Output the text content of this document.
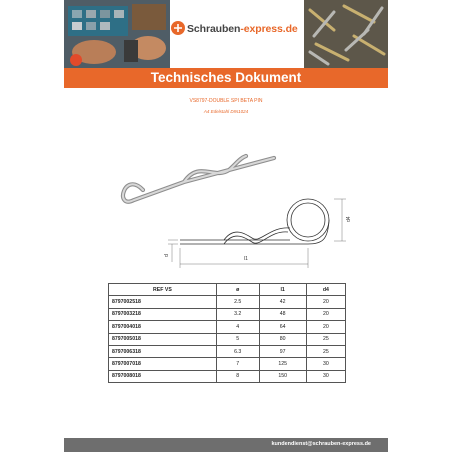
Schrauben-express.de
Technisches Dokument
VS8797-DOUBLE SPI BETA PIN
A4 Edelstahl DIN1024
d4
d
l1
REF VS	ø	l1	d4
8797002518	2.5	42	20
8797003218	3.2	48	20
8797004018	4	64	20
8797005018	5	80	25
8797006318	6.3	97	25
8797007018	7	125	30
8797008018	8	150	30
kundendienst@schrauben-express.de
